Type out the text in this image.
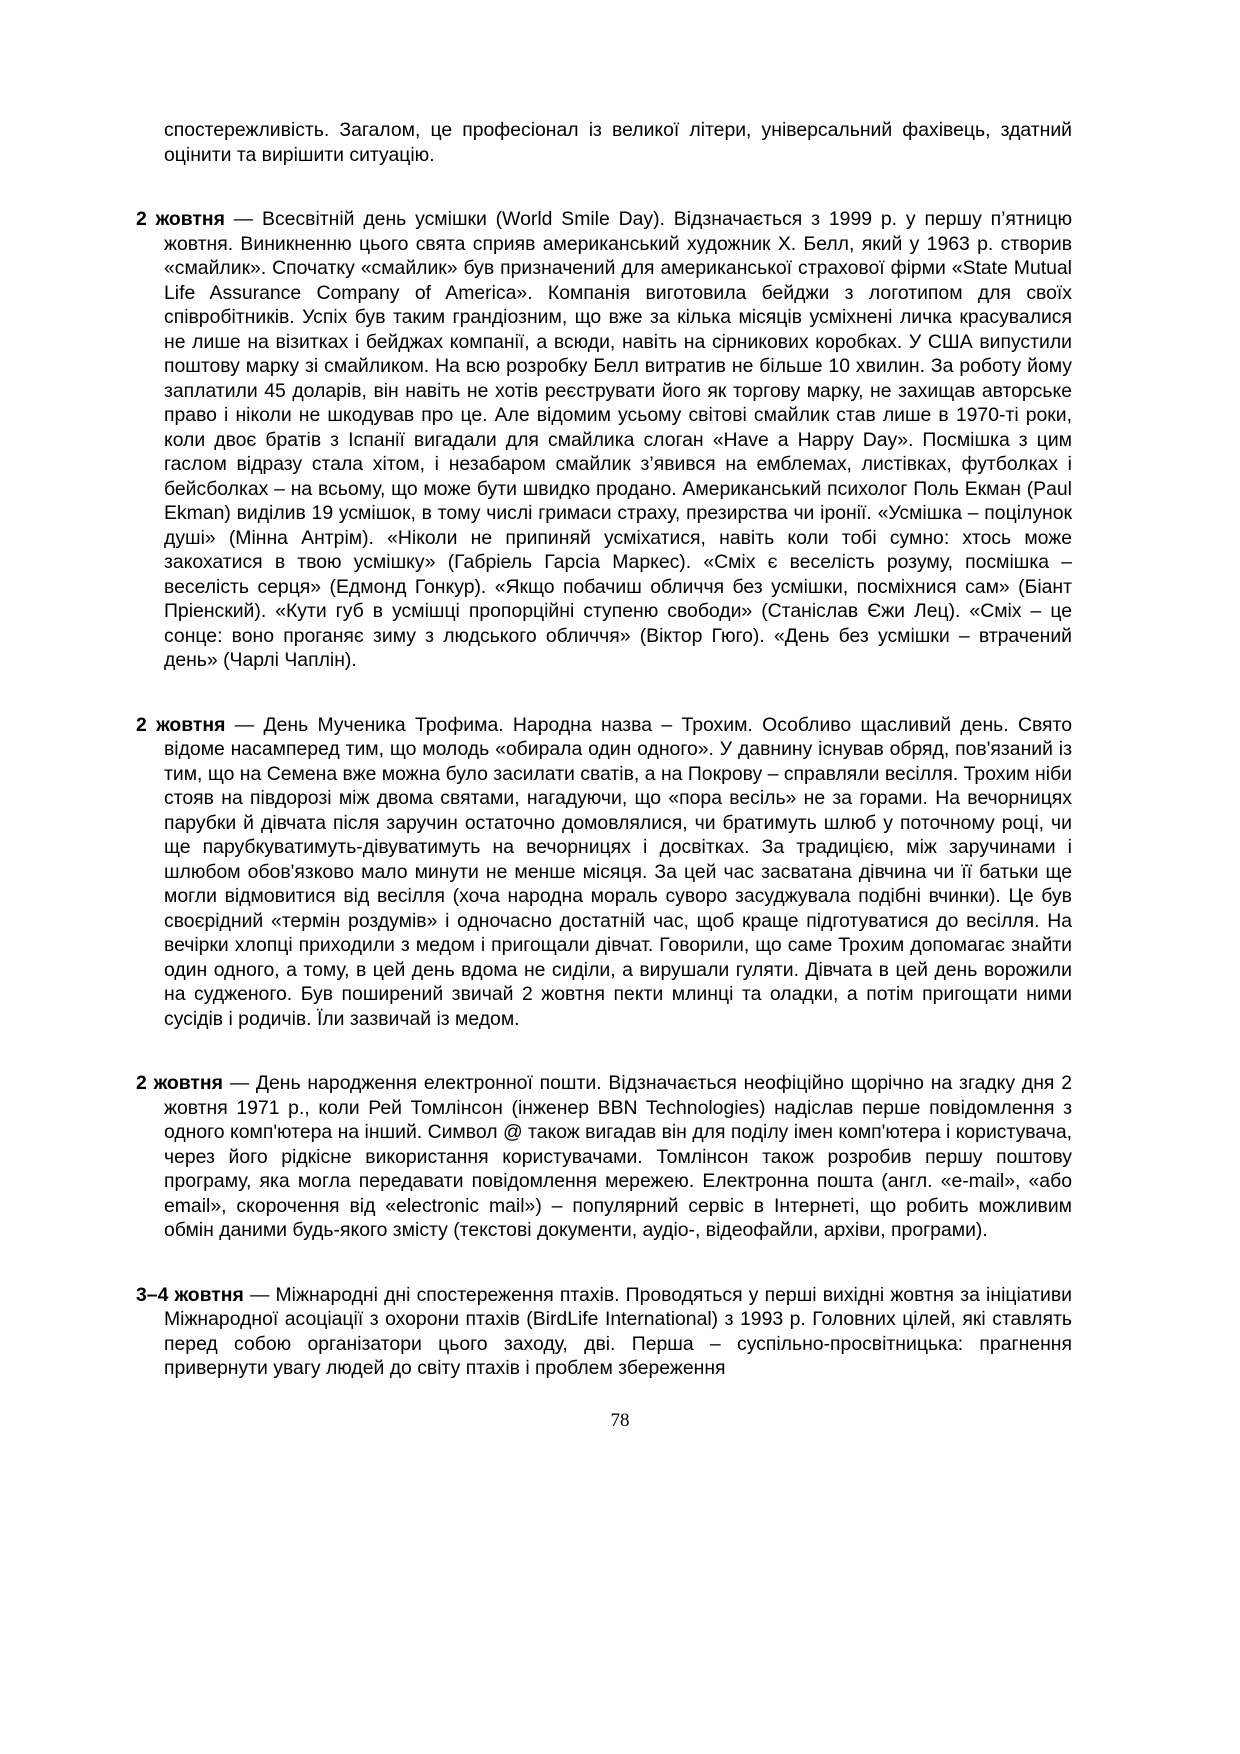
спостережливість. Загалом, це професіонал із великої літери, універсальний фахівець, здатний оцінити та вирішити ситуацію.

2 жовтня — Всесвітній день усмішки (World Smile Day). Відзначається з 1999 р. у першу п’ятницю жовтня. Виникненню цього свята сприяв американський художник Х. Белл, який у 1963 р. створив «смайлик». Спочатку «смайлик» був призначений для американської страхової фірми «State Mutual Life Assurance Company of America». Компанія виготовила бейджи з логотипом для своїх співробітників. Успіх був таким грандіозним, що вже за кілька місяців усміхнені личка красувалися не лише на візитках і бейджах компанії, а всюди, навіть на сірникових коробках. У США випустили поштову марку зі смайликом. На всю розробку Белл витратив не більше 10 хвилин. За роботу йому заплатили 45 доларів, він навіть не хотів реєструвати його як торгову марку, не захищав авторське право і ніколи не шкодував про це. Але відомим усьому світові смайлик став лише в 1970-ті роки, коли двоє братів з Іспанії вигадали для смайлика слоган «Have a Happy Day». Посмішка з цим гаслом відразу стала хітом, і незабаром смайлик з’явився на емблемах, листівках, футболках і бейсболках – на всьому, що може бути швидко продано. Американський психолог Поль Екман (Paul Ekman) виділив 19 усмішок, в тому числі гримаси страху, презирства чи іронії. «Усмішка – поцілунок душі» (Мінна Антрім). «Ніколи не припиняй усміхатися, навіть коли тобі сумно: хтось може закохатися в твою усмішку» (Габріель Гарсіа Маркес). «Сміх є веселість розуму, посмішка – веселість серця» (Едмонд Гонкур). «Якщо побачиш обличчя без усмішки, посміхнися сам» (Біант Пріенский). «Кути губ в усмішці пропорційні ступеню свободи» (Станіслав Єжи Лец). «Сміх – це сонце: воно проганяє зиму з людського обличчя» (Віктор Гюго). «День без усмішки – втрачений день» (Чарлі Чаплін).

2 жовтня — День Мученика Трофима. Народна назва – Трохим. Особливо щасливий день. Свято відоме насамперед тим, що молодь «обирала один одного». У давнину існував обряд, пов'язаний із тим, що на Семена вже можна було засилати сватів, а на Покрову – справляли весілля. Трохим ніби стояв на півдорозі між двома святами, нагадуючи, що «пора весіль» не за горами. На вечорницях парубки й дівчата після заручин остаточно домовлялися, чи братимуть шлюб у поточному році, чи ще парубкуватимуть-дівуватимуть на вечорницях і досвітках. За традицією, між заручинами і шлюбом обов'язково мало минути не менше місяця. За цей час засватана дівчина чи її батьки ще могли відмовитися від весілля (хоча народна мораль суворо засуджувала подібні вчинки). Це був своєрідний «термін роздумів» і одночасно достатній час, щоб краще підготуватися до весілля. На вечірки хлопці приходили з медом і пригощали дівчат. Говорили, що саме Трохим допомагає знайти один одного, а тому, в цей день вдома не сиділи, а вирушали гуляти. Дівчата в цей день ворожили на судженого. Був поширений звичай 2 жовтня пекти млинці та оладки, а потім пригощати ними сусідів і родичів. Їли зазвичай із медом.

2 жовтня — День народження електронної пошти. Відзначається неофіційно щорічно на згадку дня 2 жовтня 1971 р., коли Рей Томлінсон (інженер BBN Technologies) надіслав перше повідомлення з одного комп'ютера на інший. Символ @ також вигадав він для поділу імен комп'ютера і користувача, через його рідкісне використання користувачами. Томлінсон також розробив першу поштову програму, яка могла передавати повідомлення мережею. Електронна пошта (англ. «e-mail», «або email», скорочення від «electronic mail») – популярний сервіс в Інтернеті, що робить можливим обмін даними будь-якого змісту (текстові документи, аудіо-, відеофайли, архіви, програми).

3–4 жовтня — Міжнародні дні спостереження птахів. Проводяться у перші вихідні жовтня за ініціативи Міжнародної асоціації з охорони птахів (BirdLife International) з 1993 р. Головних цілей, які ставлять перед собою організатори цього заходу, дві. Перша – суспільно-просвітницька: прагнення привернути увагу людей до світу птахів і проблем збереження

78
